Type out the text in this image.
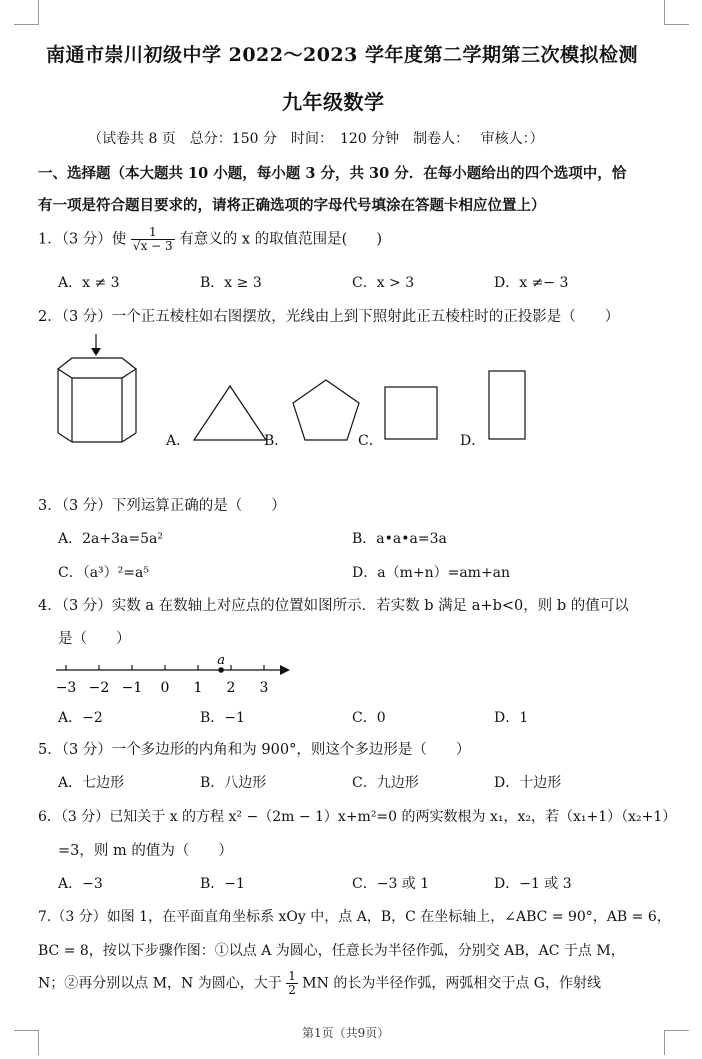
南通市崇川初级中学 2022～2023 学年度第二学期第三次模拟检测
九年级数学
（试卷共 8 页　总分：150 分　时间：　120 分钟　制卷人：　 审核人：）
一、选择题（本大题共 10 小题，每小题 3 分，共 30 分．在每小题给出的四个选项中，恰
有一项是符合题目要求的，请将正确选项的字母代号填涂在答题卡相应位置上）
1．（3 分）使 $\frac{1}{√x - 3}$ 有意义的 x 的取值范围是(　　)
A．x ≠ 3	B．x ≥ 3	C．x > 3	D．x ≠− 3
2．（3 分）一个正五棱柱如右图摆放，光线由上到下照射此正五棱柱时的正投影是（　　）
A．	B．	C．	D．
3．（3 分）下列运算正确的是（　　）
A．2a+3a=5a²	B．a•a•a=3a
C．（a³）²=a⁵	D．a（m+n）=am+an
4．（3 分）实数 a 在数轴上对应点的位置如图所示．若实数 b 满足 a+b<0，则 b 的值可以
是（　　）
−3 −2 −1 0 1 2 3
a
A．−2	B．−1	C．0	D．1
5．（3 分）一个多边形的内角和为 900°，则这个多边形是（　　）
A．七边形	B．八边形	C．九边形	D．十边形
6．（3 分）已知关于 x 的方程 x² −（2m − 1）x+m²=0 的两实数根为 x₁，x₂，若（x₁+1）（x₂+1）
=3，则 m 的值为（　　）
A．−3	B．−1	C．−3 或 1	D．−1 或 3
7.（3 分）如图 1，在平面直角坐标系 xOy 中，点 A，B，C 在坐标轴上，∠ABC = 90°，AB = 6，
BC = 8，按以下步骤作图：①以点 A 为圆心，任意长为半径作弧，分别交 AB，AC 于点 M，
N；②再分别以点 M，N 为圆心，大于 $\frac{1}{2}$ MN 的长为半径作弧，两弧相交于点 G，作射线
第1页（共9页）
